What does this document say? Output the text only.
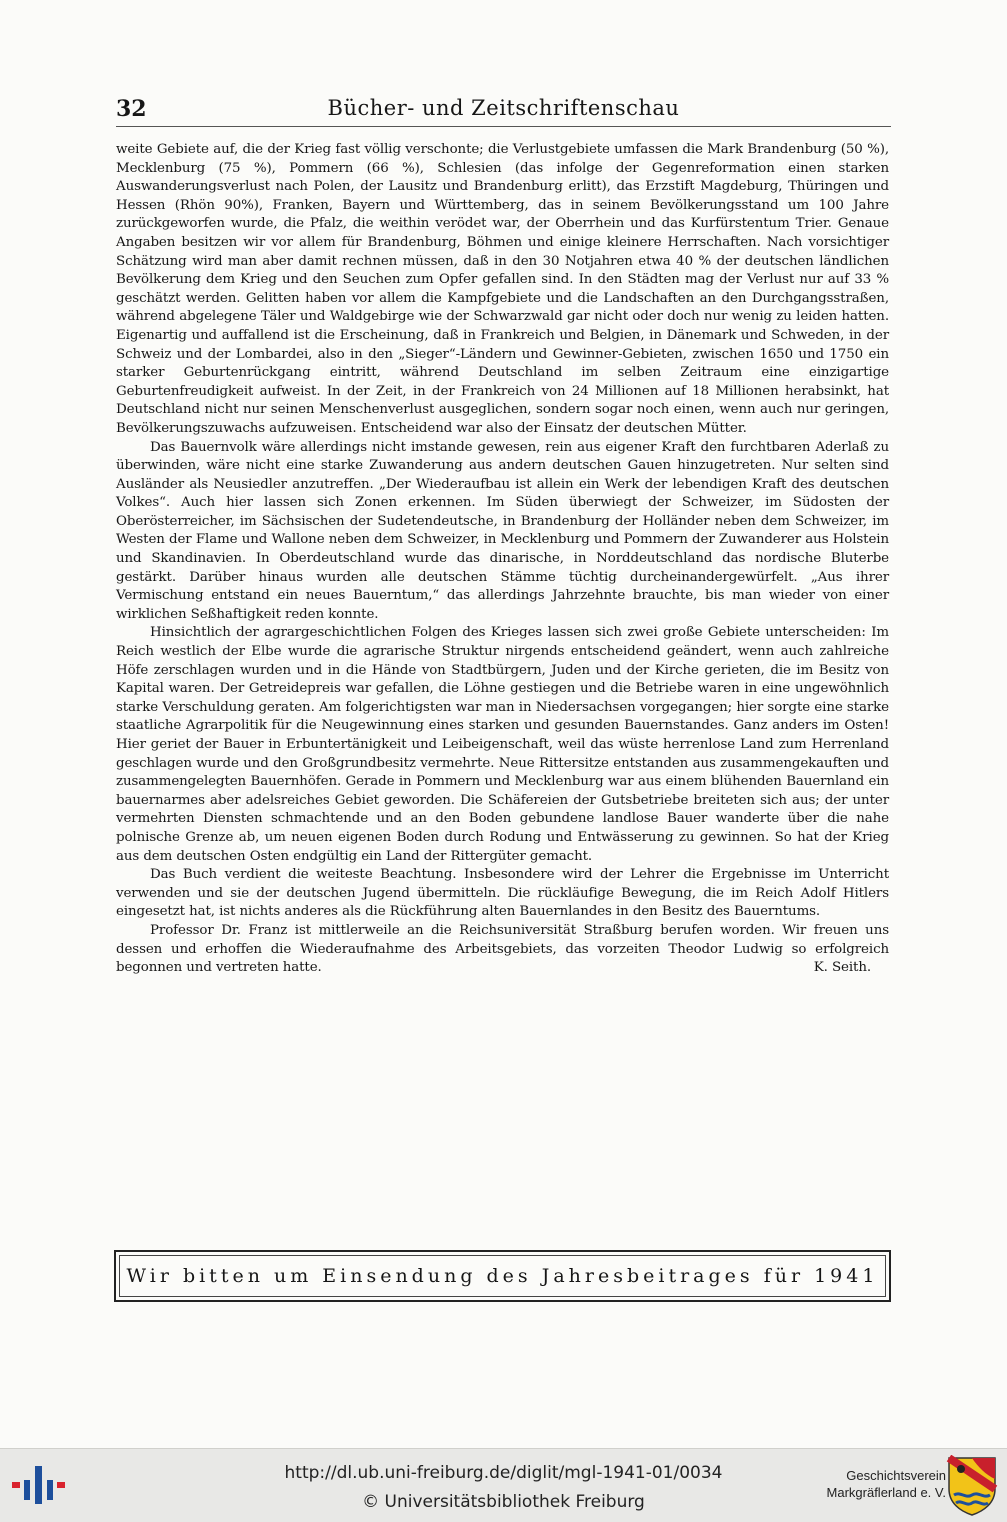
32	Bücher- und Zeitschriftenschau

weite Gebiete auf, die der Krieg fast völlig verschonte; die Verlustgebiete umfassen die Mark Brandenburg (50 %), Mecklenburg (75 %), Pommern (66 %), Schlesien (das infolge der Gegenreformation einen starken Auswanderungsverlust nach Polen, der Lausitz und Brandenburg erlitt), das Erzstift Magdeburg, Thüringen und Hessen (Rhön 90%), Franken, Bayern und Württemberg, das in seinem Bevölkerungsstand um 100 Jahre zurückgeworfen wurde, die Pfalz, die weithin verödet war, der Oberrhein und das Kurfürstentum Trier. Genaue Angaben besitzen wir vor allem für Brandenburg, Böhmen und einige kleinere Herrschaften. Nach vorsichtiger Schätzung wird man aber damit rechnen müssen, daß in den 30 Notjahren etwa 40 % der deutschen ländlichen Bevölkerung dem Krieg und den Seuchen zum Opfer gefallen sind. In den Städten mag der Verlust nur auf 33 % geschätzt werden. Gelitten haben vor allem die Kampfgebiete und die Landschaften an den Durchgangsstraßen, während abgelegene Täler und Waldgebirge wie der Schwarzwald gar nicht oder doch nur wenig zu leiden hatten. Eigenartig und auffallend ist die Erscheinung, daß in Frankreich und Belgien, in Dänemark und Schweden, in der Schweiz und der Lombardei, also in den „Sieger“-Ländern und Gewinner-Gebieten, zwischen 1650 und 1750 ein starker Geburtenrückgang eintritt, während Deutschland im selben Zeitraum eine einzigartige Geburtenfreudigkeit aufweist. In der Zeit, in der Frankreich von 24 Millionen auf 18 Millionen herabsinkt, hat Deutschland nicht nur seinen Menschenverlust ausgeglichen, sondern sogar noch einen, wenn auch nur geringen, Bevölkerungszuwachs aufzuweisen. Entscheidend war also der Einsatz der deutschen Mütter.

Das Bauernvolk wäre allerdings nicht imstande gewesen, rein aus eigener Kraft den furchtbaren Aderlaß zu überwinden, wäre nicht eine starke Zuwanderung aus andern deutschen Gauen hinzugetreten. Nur selten sind Ausländer als Neusiedler anzutreffen. „Der Wiederaufbau ist allein ein Werk der lebendigen Kraft des deutschen Volkes“. Auch hier lassen sich Zonen erkennen. Im Süden überwiegt der Schweizer, im Südosten der Oberösterreicher, im Sächsischen der Sudetendeutsche, in Brandenburg der Holländer neben dem Schweizer, im Westen der Flame und Wallone neben dem Schweizer, in Mecklenburg und Pommern der Zuwanderer aus Holstein und Skandinavien. In Oberdeutschland wurde das dinarische, in Norddeutschland das nordische Bluterbe gestärkt. Darüber hinaus wurden alle deutschen Stämme tüchtig durcheinandergewürfelt. „Aus ihrer Vermischung entstand ein neues Bauerntum,“ das allerdings Jahrzehnte brauchte, bis man wieder von einer wirklichen Seßhaftigkeit reden konnte.

Hinsichtlich der agrargeschichtlichen Folgen des Krieges lassen sich zwei große Gebiete unterscheiden: Im Reich westlich der Elbe wurde die agrarische Struktur nirgends entscheidend geändert, wenn auch zahlreiche Höfe zerschlagen wurden und in die Hände von Stadtbürgern, Juden und der Kirche gerieten, die im Besitz von Kapital waren. Der Getreidepreis war gefallen, die Löhne gestiegen und die Betriebe waren in eine ungewöhnlich starke Verschuldung geraten. Am folgerichtigsten war man in Niedersachsen vorgegangen; hier sorgte eine starke staatliche Agrarpolitik für die Neugewinnung eines starken und gesunden Bauernstandes. Ganz anders im Osten! Hier geriet der Bauer in Erbuntertänigkeit und Leibeigenschaft, weil das wüste herrenlose Land zum Herrenland geschlagen wurde und den Großgrundbesitz vermehrte. Neue Rittersitze entstanden aus zusammengekauften und zusammengelegten Bauernhöfen. Gerade in Pommern und Mecklenburg war aus einem blühenden Bauernland ein bauernarmes aber adelsreiches Gebiet geworden. Die Schäfereien der Gutsbetriebe breiteten sich aus; der unter vermehrten Diensten schmachtende und an den Boden gebundene landlose Bauer wanderte über die nahe polnische Grenze ab, um neuen eigenen Boden durch Rodung und Entwässerung zu gewinnen. So hat der Krieg aus dem deutschen Osten endgültig ein Land der Rittergüter gemacht.

Das Buch verdient die weiteste Beachtung. Insbesondere wird der Lehrer die Ergebnisse im Unterricht verwenden und sie der deutschen Jugend übermitteln. Die rückläufige Bewegung, die im Reich Adolf Hitlers eingesetzt hat, ist nichts anderes als die Rückführung alten Bauernlandes in den Besitz des Bauerntums.

Professor Dr. Franz ist mittlerweile an die Reichsuniversität Straßburg berufen worden. Wir freuen uns dessen und erhoffen die Wiederaufnahme des Arbeitsgebiets, das vorzeiten Theodor Ludwig so erfolgreich begonnen und vertreten hatte.	K. Seith.

Wir bitten um Einsendung des Jahresbeitrages für 1941
http://dl.ub.uni-freiburg.de/diglit/mgl-1941-01/0034
© Universitätsbibliothek Freiburg
Geschichtsverein
Markgräflerland e. V.
